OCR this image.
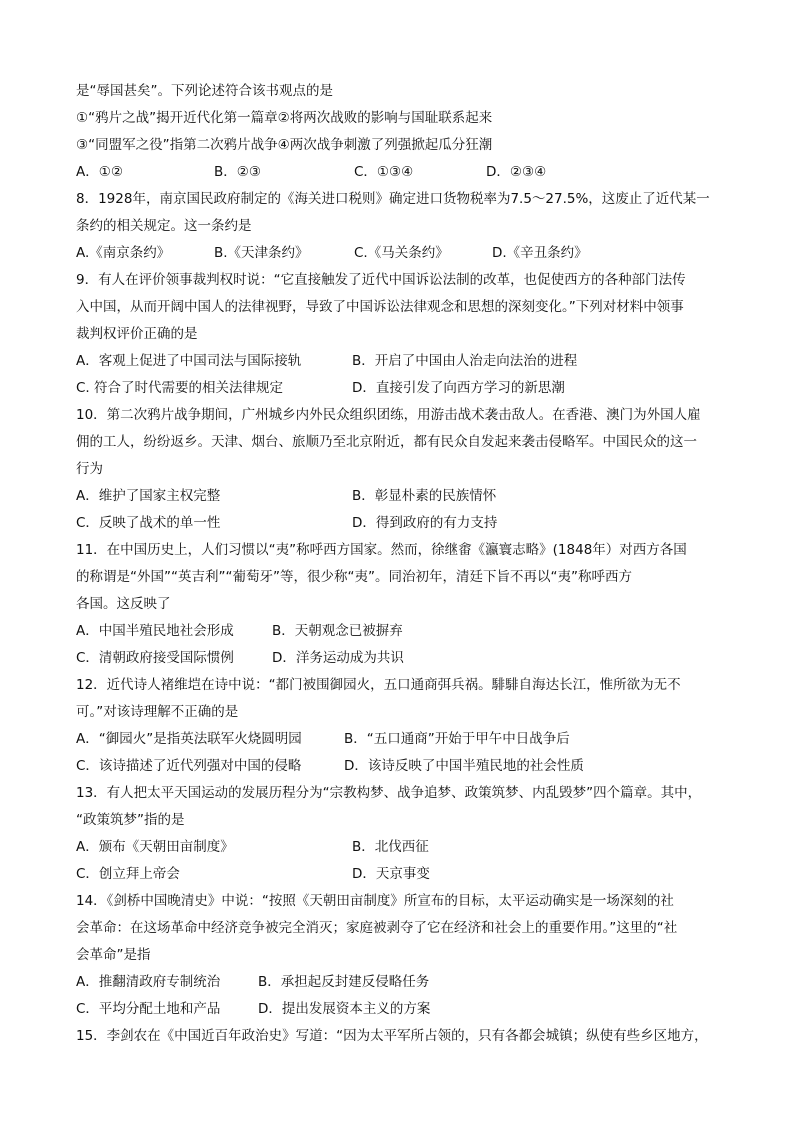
是“辱国甚矣”。下列论述符合该书观点的是
①“鸦片之战”揭开近代化第一篇章②将两次战败的影响与国耻联系起来
③“同盟军之役”指第二次鸦片战争④两次战争刺激了列强掀起瓜分狂潮
A．①②	B．②③	C．①③④	D．②③④
8．1928年，南京国民政府制定的《海关进口税则》确定进口货物税率为7.5～27.5%，这废止了近代某一
条约的相关规定。这一条约是
A.《南京条约》	B.《天津条约》	C.《马关条约》	D.《辛丑条约》
9．有人在评价领事裁判权时说：“它直接触发了近代中国诉讼法制的改革，也促使西方的各种部门法传
入中国，从而开阔中国人的法律视野，导致了中国诉讼法律观念和思想的深刻变化。”下列对材料中领事
裁判权评价正确的是
A．客观上促进了中国司法与国际接轨	B．开启了中国由人治走向法治的进程
C. 符合了时代需要的相关法律规定	D．直接引发了向西方学习的新思潮
10．第二次鸦片战争期间，广州城乡内外民众组织团练，用游击战术袭击敌人。在香港、澳门为外国人雇
佣的工人，纷纷返乡。天津、烟台、旅顺乃至北京附近，都有民众自发起来袭击侵略军。中国民众的这一
行为
A．维护了国家主权完整	B．彰显朴素的民族情怀
C．反映了战术的单一性	D．得到政府的有力支持
11．在中国历史上，人们习惯以“夷”称呼西方国家。然而，徐继畬《瀛寰志略》(1848年）对西方各国
的称谓是“外国”“英吉利”“葡萄牙”等，很少称“夷”。同治初年，清廷下旨不再以“夷”称呼西方
各国。这反映了
A．中国半殖民地社会形成	B．天朝观念已被摒弃
C．清朝政府接受国际惯例	D．洋务运动成为共识
12．近代诗人褚维垲在诗中说：“都门被围御园火，五口通商弭兵祸。騑騑自海达长江，惟所欲为无不
可。”对该诗理解不正确的是
A．“御园火”是指英法联军火烧圆明园	B．“五口通商”开始于甲午中日战争后
C．该诗描述了近代列强对中国的侵略	D．该诗反映了中国半殖民地的社会性质
13．有人把太平天国运动的发展历程分为“宗教构梦、战争追梦、政策筑梦、内乱毁梦”四个篇章。其中，
“政策筑梦”指的是
A．颁布《天朝田亩制度》	B．北伐西征
C．创立拜上帝会	D．天京事变
14．《剑桥中国晚清史》中说：“按照《天朝田亩制度》所宣布的目标，太平运动确实是一场深刻的社
会革命：在这场革命中经济竞争被完全消灭；家庭被剥夺了它在经济和社会上的重要作用。”这里的“社
会革命”是指
A．推翻清政府专制统治	B．承担起反封建反侵略任务
C．平均分配土地和产品	D．提出发展资本主义的方案
15．李剑农在《中国近百年政治史》写道：“因为太平军所占领的，只有各都会城镇；纵使有些乡区地方，
